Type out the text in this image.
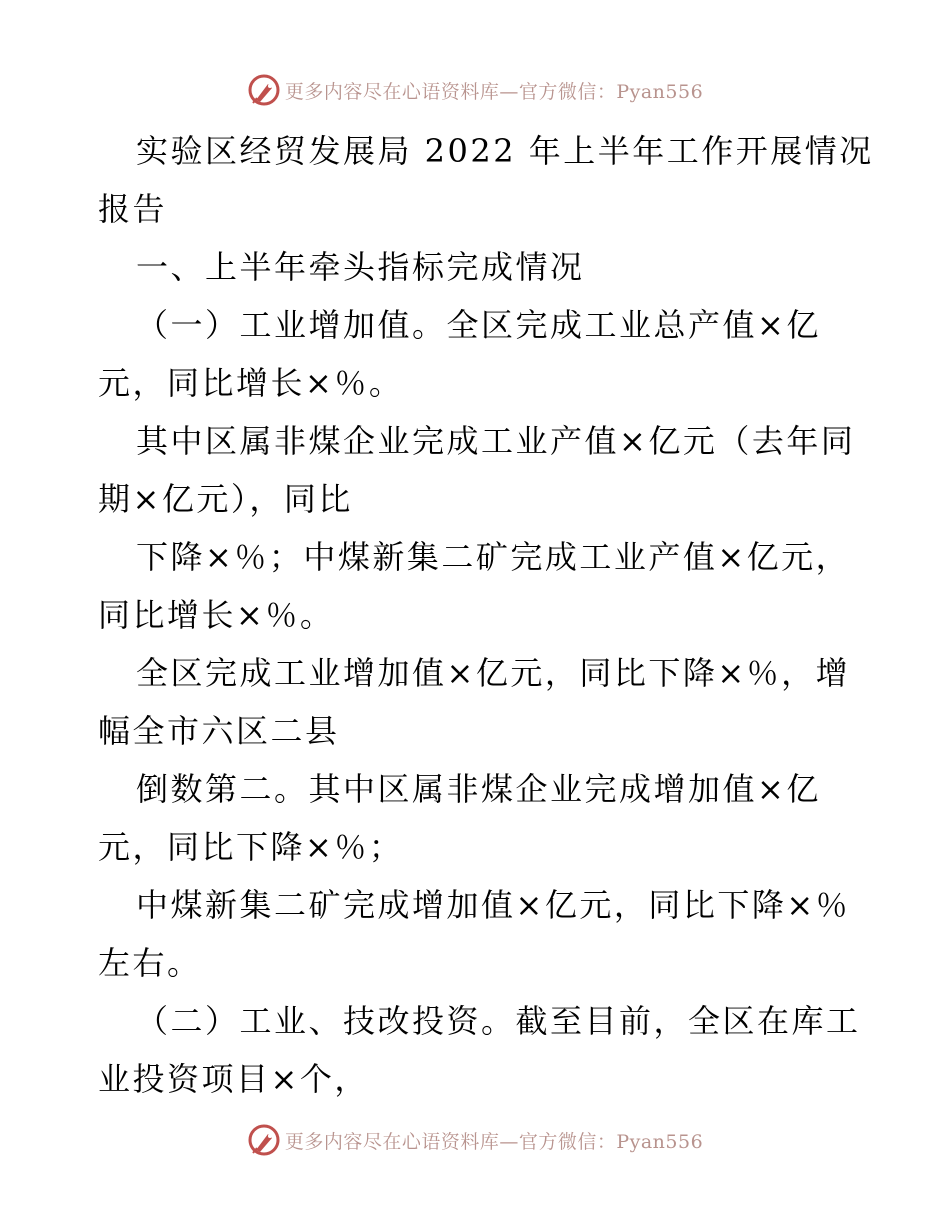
更多内容尽在心语资料库—官方微信：Pyan556
实验区经贸发展局 2022 年上半年工作开展情况
报告
一、上半年牵头指标完成情况
（一）工业增加值。全区完成工业总产值×亿
元，同比增长×％。
其中区属非煤企业完成工业产值×亿元（去年同
期×亿元），同比
下降×％；中煤新集二矿完成工业产值×亿元，
同比增长×％。
全区完成工业增加值×亿元，同比下降×％，增
幅全市六区二县
倒数第二。其中区属非煤企业完成增加值×亿
元，同比下降×％；
中煤新集二矿完成增加值×亿元，同比下降×％
左右。
（二）工业、技改投资。截至目前，全区在库工
业投资项目×个，
更多内容尽在心语资料库—官方微信：Pyan556
